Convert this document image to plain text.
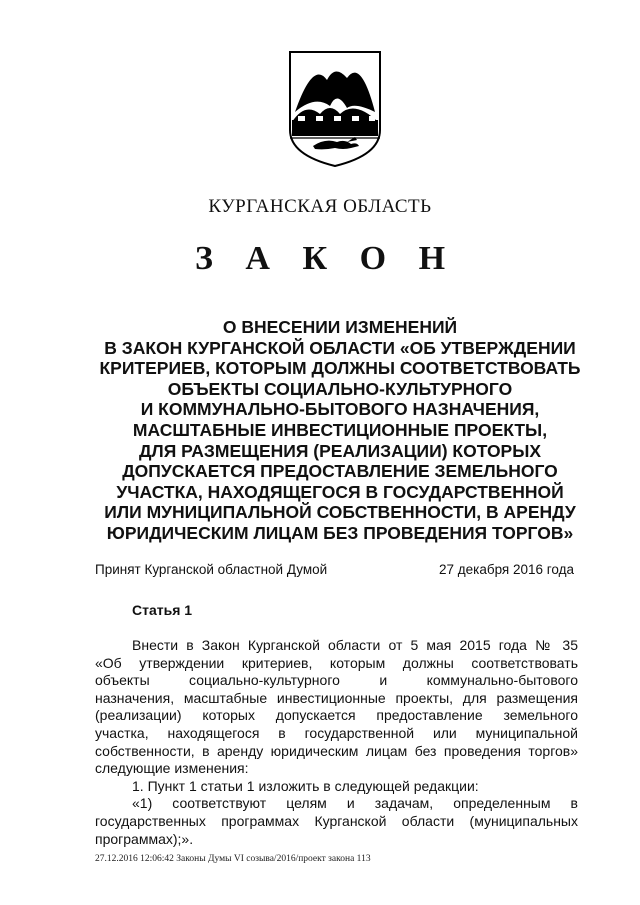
КУРГАНСКАЯ ОБЛАСТЬ
З А К О Н
О ВНЕСЕНИИ ИЗМЕНЕНИЙ
В ЗАКОН КУРГАНСКОЙ ОБЛАСТИ «ОБ УТВЕРЖДЕНИИ
КРИТЕРИЕВ, КОТОРЫМ ДОЛЖНЫ СООТВЕТСТВОВАТЬ
ОБЪЕКТЫ СОЦИАЛЬНО-КУЛЬТУРНОГО
И КОММУНАЛЬНО-БЫТОВОГО НАЗНАЧЕНИЯ,
МАСШТАБНЫЕ ИНВЕСТИЦИОННЫЕ ПРОЕКТЫ,
ДЛЯ РАЗМЕЩЕНИЯ (РЕАЛИЗАЦИИ) КОТОРЫХ
ДОПУСКАЕТСЯ ПРЕДОСТАВЛЕНИЕ ЗЕМЕЛЬНОГО
УЧАСТКА, НАХОДЯЩЕГОСЯ В ГОСУДАРСТВЕННОЙ
ИЛИ МУНИЦИПАЛЬНОЙ СОБСТВЕННОСТИ, В АРЕНДУ
ЮРИДИЧЕСКИМ ЛИЦАМ БЕЗ ПРОВЕДЕНИЯ ТОРГОВ»
Принят Курганской областной Думой	27 декабря 2016 года
Статья 1
Внести в Закон Курганской области от 5 мая 2015 года № 35
«Об утверждении критериев, которым должны соответствовать
объекты социально-культурного и коммунально-бытового
назначения, масштабные инвестиционные проекты, для размещения
(реализации) которых допускается предоставление земельного
участка, находящегося в государственной или муниципальной
собственности, в аренду юридическим лицам без проведения торгов»
следующие изменения:
1. Пункт 1 статьи 1 изложить в следующей редакции:
«1) соответствуют целям и задачам, определенным в
государственных программах Курганской области (муниципальных
программах);».
27.12.2016 12:06:42 Законы Думы VI созыва/2016/проект закона 113
